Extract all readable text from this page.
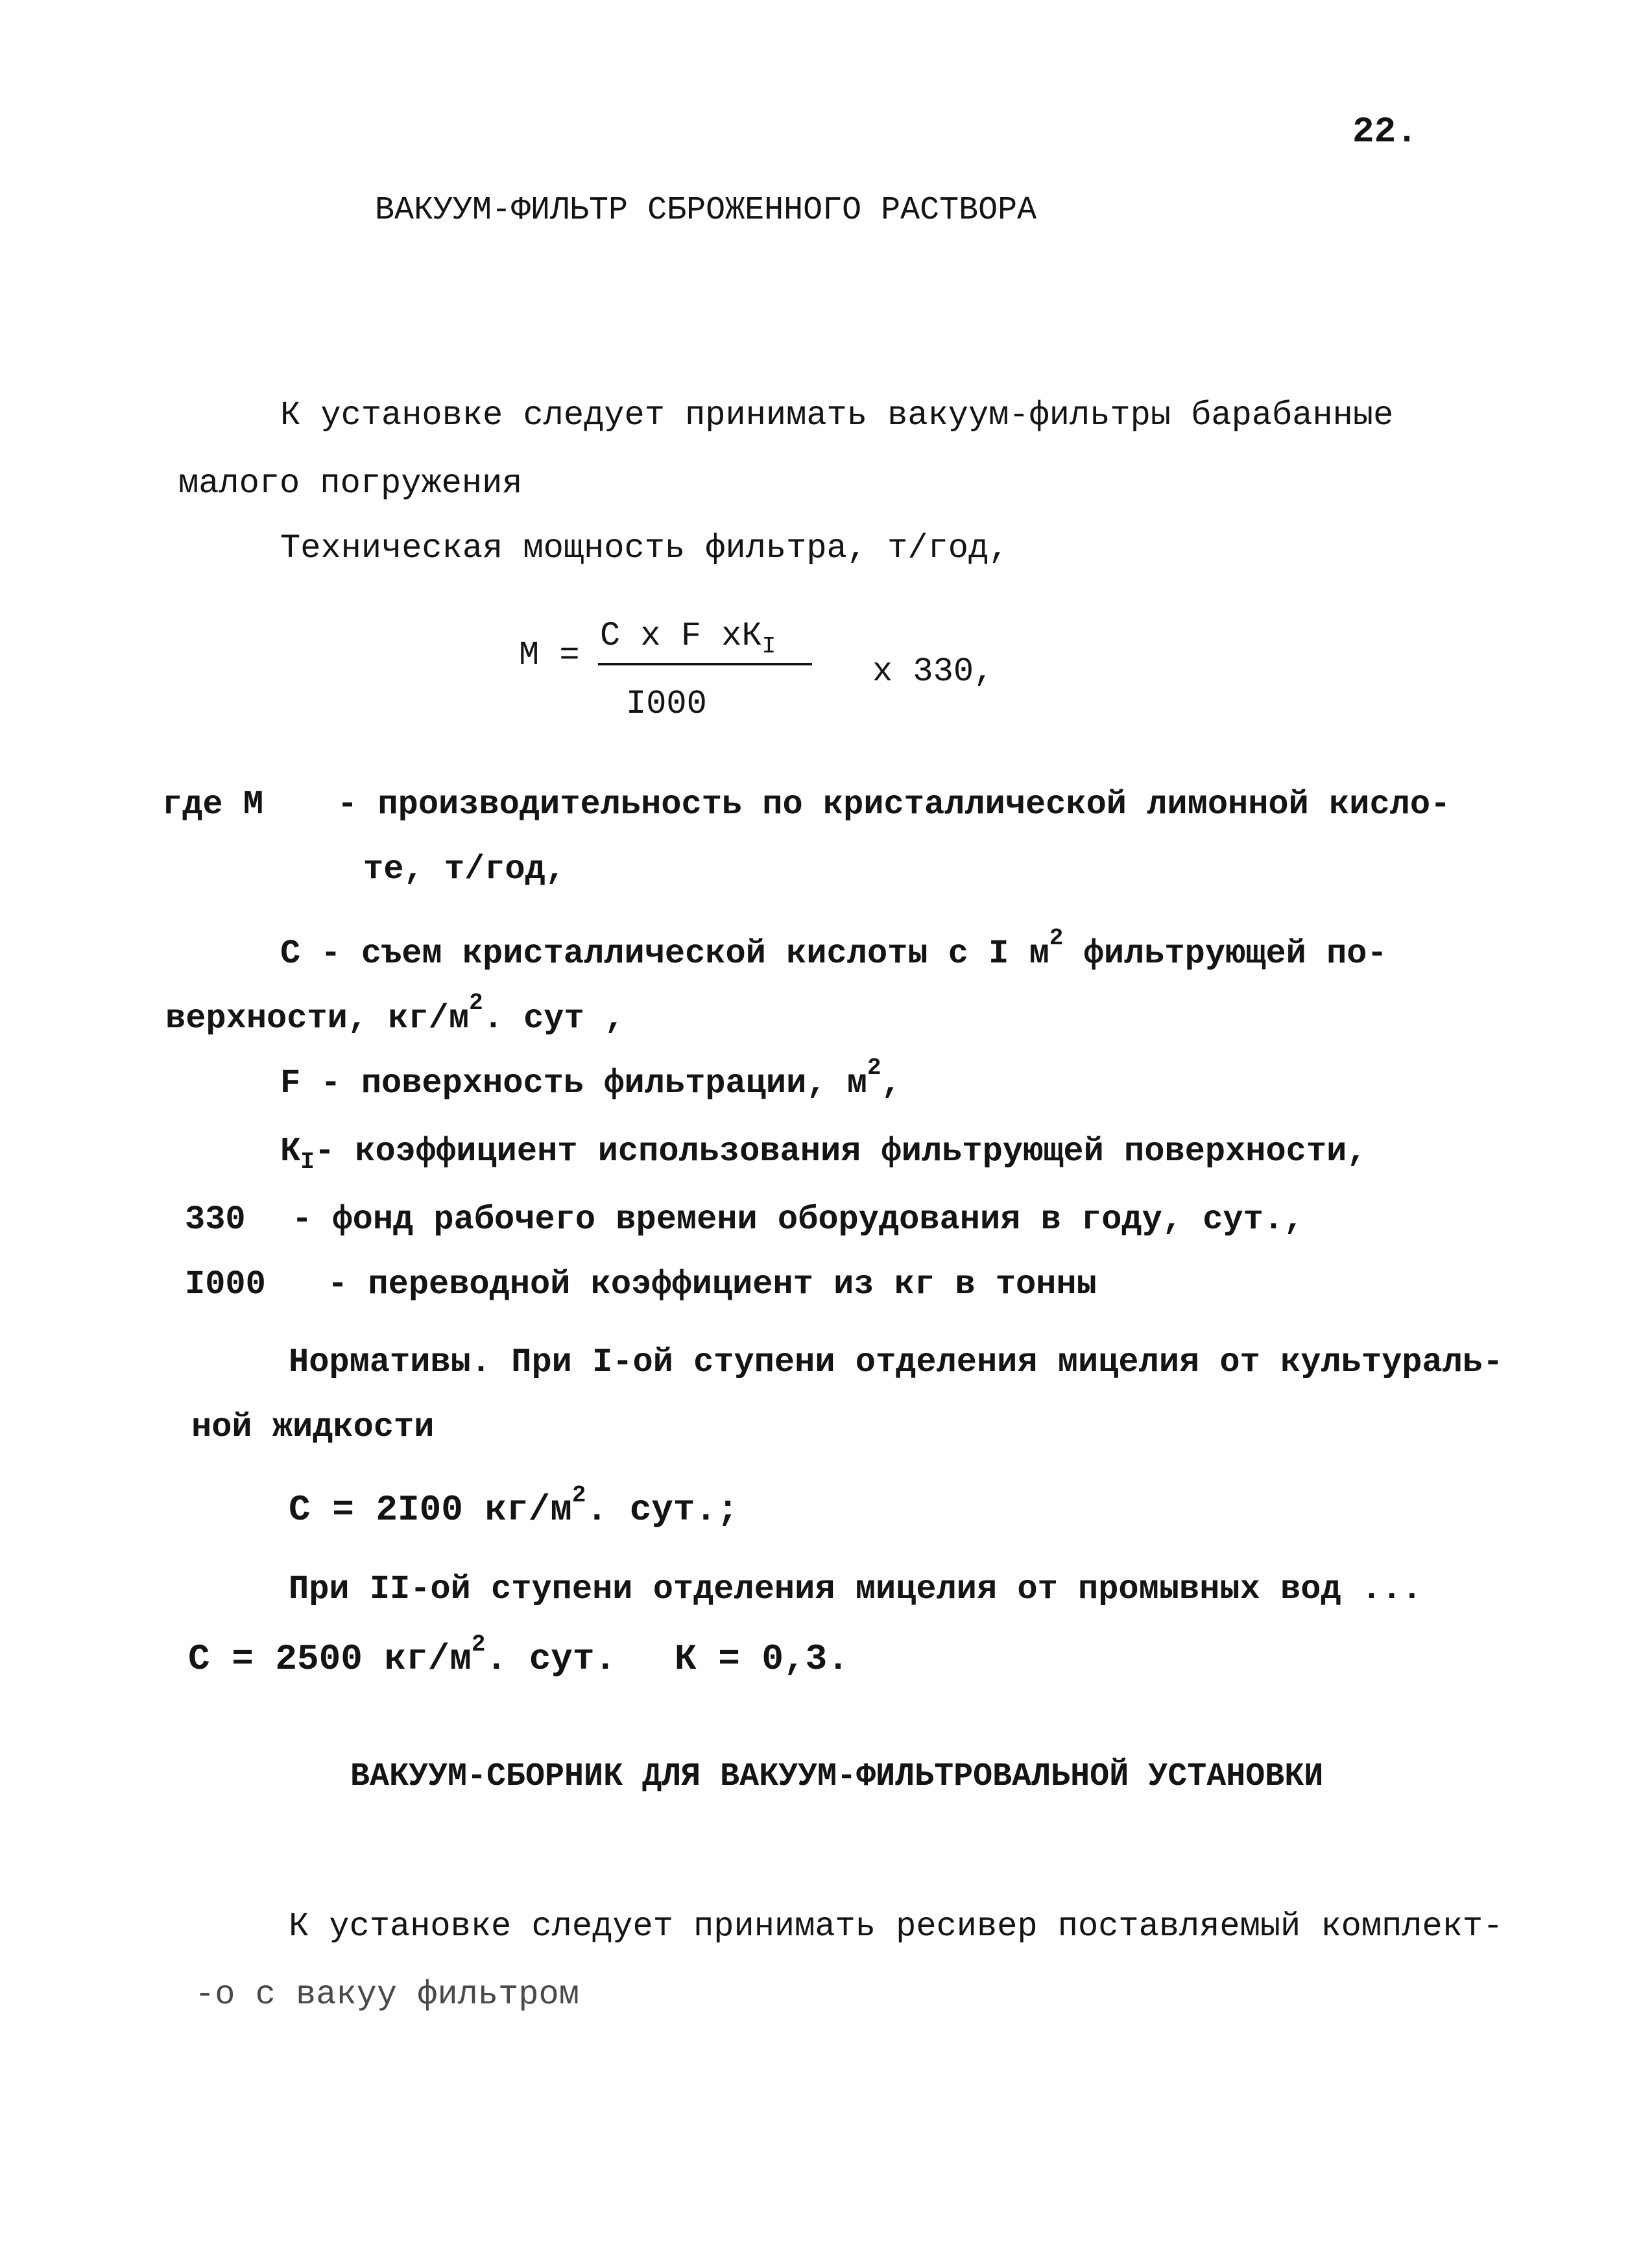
22.
ВАКУУМ-ФИЛЬТР СБРОЖЕННОГО РАСТВОРА
К установке следует принимать вакуум-фильтры барабанные
малого погружения
Техническая мощность фильтра, т/год,
М =
С х F $хК_I$
I000
х 330,
где М - производительность по кристаллической лимонной кисло-
те, т/год,
С - съем кристаллической кислоты с I $м^2$ фильтрующей по-
верхности, $кг/м^2$. сут ,
F - поверхность фильтрации, $м^2$,
$К_I-$ коэффициент использования фильтрующей поверхности,
330 - фонд рабочего времени оборудования в году, сут.,
I000 - переводной коэффициент из кг в тонны
Нормативы. При I-ой ступени отделения мицелия от культураль-
ной жидкости
С = 2I00 $кг/м^2$. сут.;
При II-ой ступени отделения мицелия от промывных вод ...
С = 2500 $кг/м^2$. сут. К = 0,3.
ВАКУУМ-СБОРНИК ДЛЯ ВАКУУМ-ФИЛЬТРОВАЛЬНОЙ УСТАНОВКИ
К установке следует принимать ресивер поставляемый комплект-
-о с вакуу фильтром
